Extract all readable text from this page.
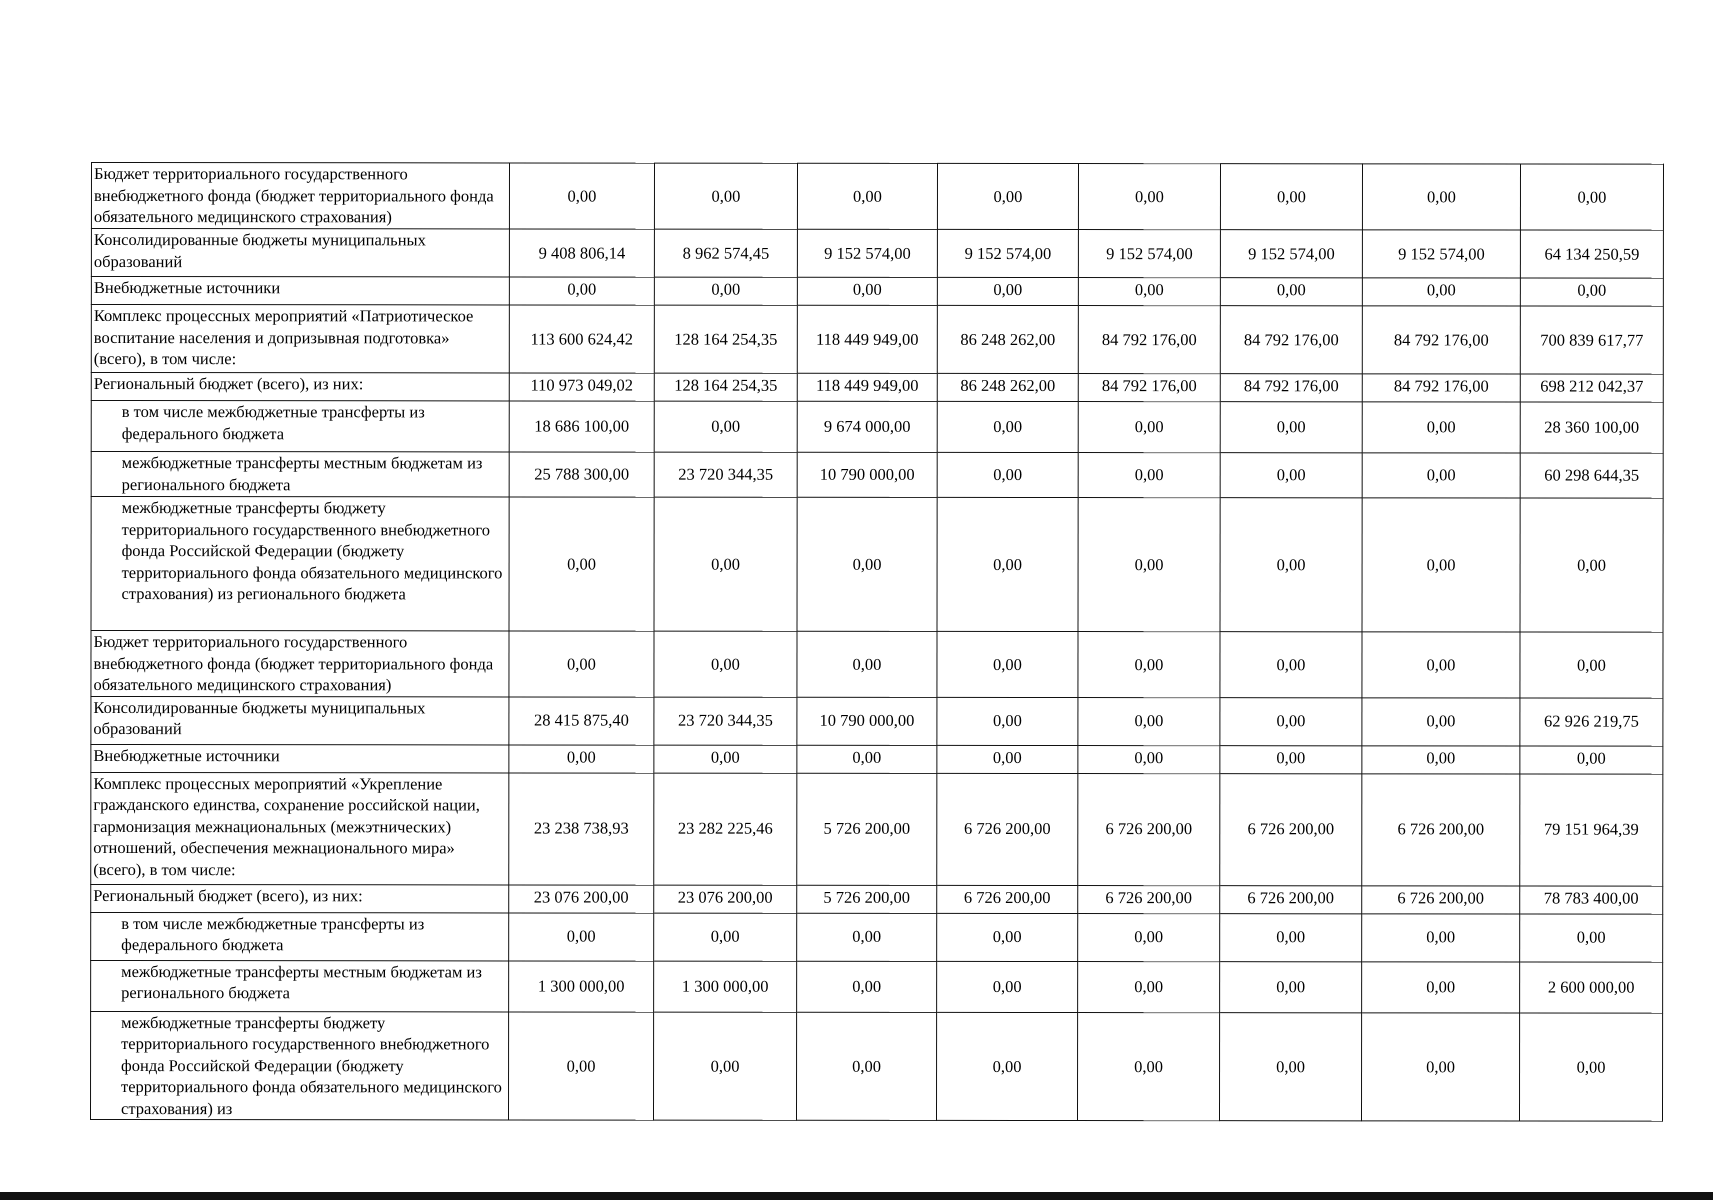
Бюджет территориального государственного внебюджетного фонда (бюджет территориального фонда обязательного медицинского страхования)	0,00	0,00	0,00	0,00	0,00	0,00	0,00	0,00
Консолидированные бюджеты муниципальных образований	9 408 806,14	8 962 574,45	9 152 574,00	9 152 574,00	9 152 574,00	9 152 574,00	9 152 574,00	64 134 250,59
Внебюджетные источники	0,00	0,00	0,00	0,00	0,00	0,00	0,00	0,00
Комплекс процессных мероприятий «Патриотическое воспитание населения и допризывная подготовка» (всего), в том числе:	113 600 624,42	128 164 254,35	118 449 949,00	86 248 262,00	84 792 176,00	84 792 176,00	84 792 176,00	700 839 617,77
Региональный бюджет (всего), из них:	110 973 049,02	128 164 254,35	118 449 949,00	86 248 262,00	84 792 176,00	84 792 176,00	84 792 176,00	698 212 042,37
в том числе межбюджетные трансферты из федерального бюджета	18 686 100,00	0,00	9 674 000,00	0,00	0,00	0,00	0,00	28 360 100,00
межбюджетные трансферты местным бюджетам из регионального бюджета	25 788 300,00	23 720 344,35	10 790 000,00	0,00	0,00	0,00	0,00	60 298 644,35
межбюджетные трансферты бюджету территориального государственного внебюджетного фонда Российской Федерации (бюджету территориального фонда обязательного медицинского страхования) из регионального бюджета	0,00	0,00	0,00	0,00	0,00	0,00	0,00	0,00
Бюджет территориального государственного внебюджетного фонда (бюджет территориального фонда обязательного медицинского страхования)	0,00	0,00	0,00	0,00	0,00	0,00	0,00	0,00
Консолидированные бюджеты муниципальных образований	28 415 875,40	23 720 344,35	10 790 000,00	0,00	0,00	0,00	0,00	62 926 219,75
Внебюджетные источники	0,00	0,00	0,00	0,00	0,00	0,00	0,00	0,00
Комплекс процессных мероприятий «Укрепление гражданского единства, сохранение российской нации, гармонизация межнациональных (межэтнических) отношений, обеспечения межнационального мира» (всего), в том числе:	23 238 738,93	23 282 225,46	5 726 200,00	6 726 200,00	6 726 200,00	6 726 200,00	6 726 200,00	79 151 964,39
Региональный бюджет (всего), из них:	23 076 200,00	23 076 200,00	5 726 200,00	6 726 200,00	6 726 200,00	6 726 200,00	6 726 200,00	78 783 400,00
в том числе межбюджетные трансферты из федерального бюджета	0,00	0,00	0,00	0,00	0,00	0,00	0,00	0,00
межбюджетные трансферты местным бюджетам из регионального бюджета	1 300 000,00	1 300 000,00	0,00	0,00	0,00	0,00	0,00	2 600 000,00
межбюджетные трансферты бюджету территориального государственного внебюджетного фонда Российской Федерации (бюджету территориального фонда обязательного медицинского страхования) из	0,00	0,00	0,00	0,00	0,00	0,00	0,00	0,00
